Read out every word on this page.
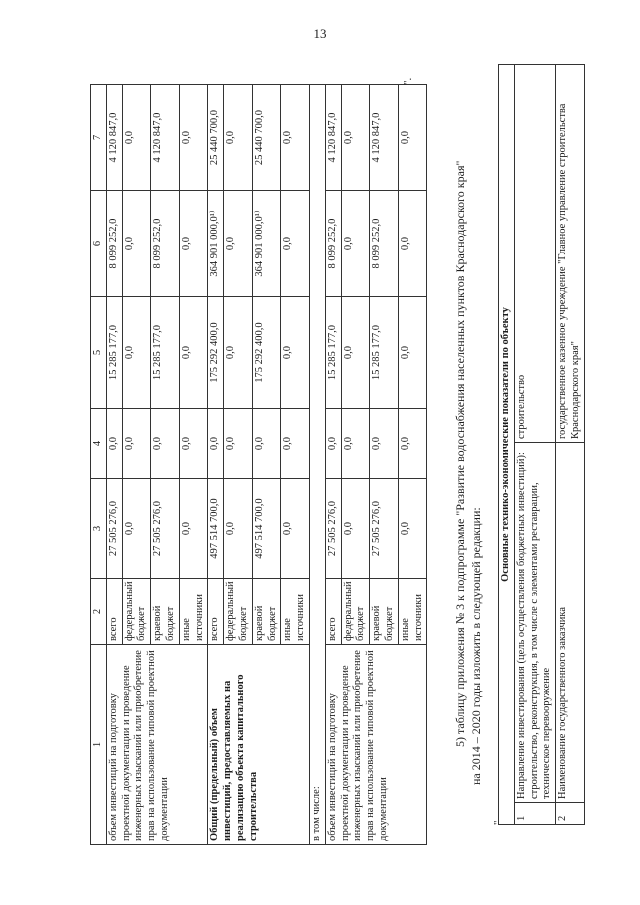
13
1	2	3	4	5	6	7
объем инвестиций на подготовку проектной документации и проведение инженерных изысканий или приобретение прав на использование типовой проектной документации	всего	27 505 276,0	0,0	15 285 177,0	8 099 252,0	4 120 847,0
	федеральный бюджет	0,0	0,0	0,0	0,0	0,0
	краевой бюджет	27 505 276,0	0,0	15 285 177,0	8 099 252,0	4 120 847,0
	иные источники	0,0	0,0	0,0	0,0	0,0
Общий (предельный) объем инвестиций, предоставляемых на реализацию объекта капитального строительства	всего	497 514 700,0	0,0	175 292 400,0	364 901 000,0¹⁾	25 440 700,0
	федеральный бюджет	0,0	0,0	0,0	0,0	0,0
	краевой бюджет	497 514 700,0	0,0	175 292 400,0	364 901 000,0¹⁾	25 440 700,0
	иные источники	0,0	0,0	0,0	0,0	0,0
в том числе:						
объем инвестиций на подготовку проектной документации и проведение инженерных изысканий или приобретение прав на использование типовой проектной документации	всего	27 505 276,0	0,0	15 285 177,0	8 099 252,0	4 120 847,0
	федеральный бюджет	0,0	0,0	0,0	0,0	0,0
	краевой бюджет	27 505 276,0	0,0	15 285 177,0	8 099 252,0	4 120 847,0
	иные источники	0,0	0,0	0,0	0,0	0,0
".
5) таблицу приложения № 3 к подпрограмме "Развитие водоснабжения населенных пунктов Краснодарского края" на 2014 – 2020 годы изложить в следующей редакции:
"
Основные технико-экономические показатели по объекту		
1	Направление инвестирования (цель осуществления бюджетных инвестиций): строительство, реконструкция, в том числе с элементами реставрации, техническое перевооружение	строительство
2	Наименование государственного заказчика	государственное казенное учреждение "Главное управление строительства Краснодарского края"
